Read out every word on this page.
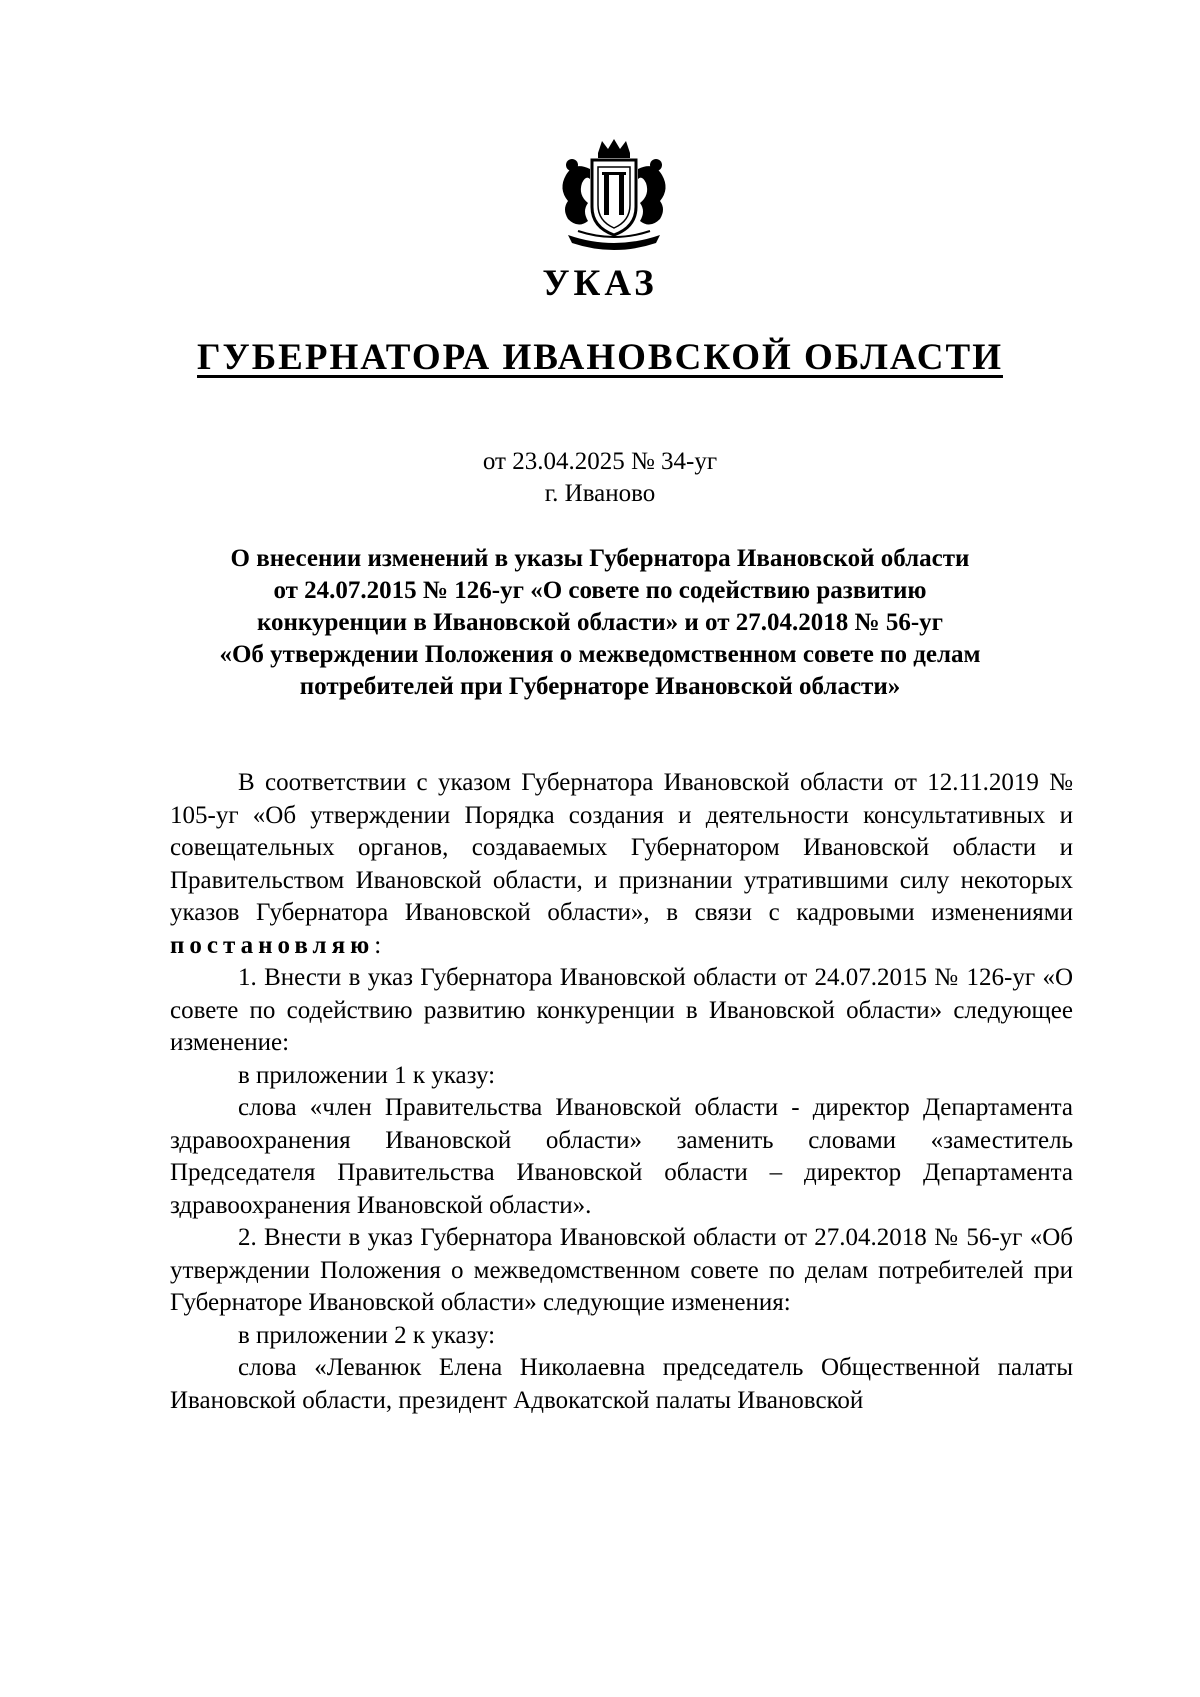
УКАЗ
ГУБЕРНАТОРА ИВАНОВСКОЙ ОБЛАСТИ
от 23.04.2025 № 34-уг
г. Иваново
О внесении изменений в указы Губернатора Ивановской области
от 24.07.2015 № 126-уг «О совете по содействию развитию
конкуренции в Ивановской области» и от 27.04.2018 № 56-уг
«Об утверждении Положения о межведомственном совете по делам
потребителей при Губернаторе Ивановской области»

В соответствии с указом Губернатора Ивановской области от 12.11.2019 № 105-уг «Об утверждении Порядка создания и деятельности консультативных и совещательных органов, создаваемых Губернатором Ивановской области и Правительством Ивановской области, и признании утратившими силу некоторых указов Губернатора Ивановской области», в связи с кадровыми изменениями постановляю:

1. Внести в указ Губернатора Ивановской области от 24.07.2015 № 126-уг «О совете по содействию развитию конкуренции в Ивановской области» следующее изменение:

в приложении 1 к указу:

слова «член Правительства Ивановской области - директор Департамента здравоохранения Ивановской области» заменить словами «заместитель Председателя Правительства Ивановской области – директор Департамента здравоохранения Ивановской области».

2. Внести в указ Губернатора Ивановской области от 27.04.2018 № 56-уг «Об утверждении Положения о межведомственном совете по делам потребителей при Губернаторе Ивановской области» следующие изменения:

в приложении 2 к указу:

слова «Леванюк Елена Николаевна председатель Общественной палаты Ивановской области, президент Адвокатской палаты Ивановской
